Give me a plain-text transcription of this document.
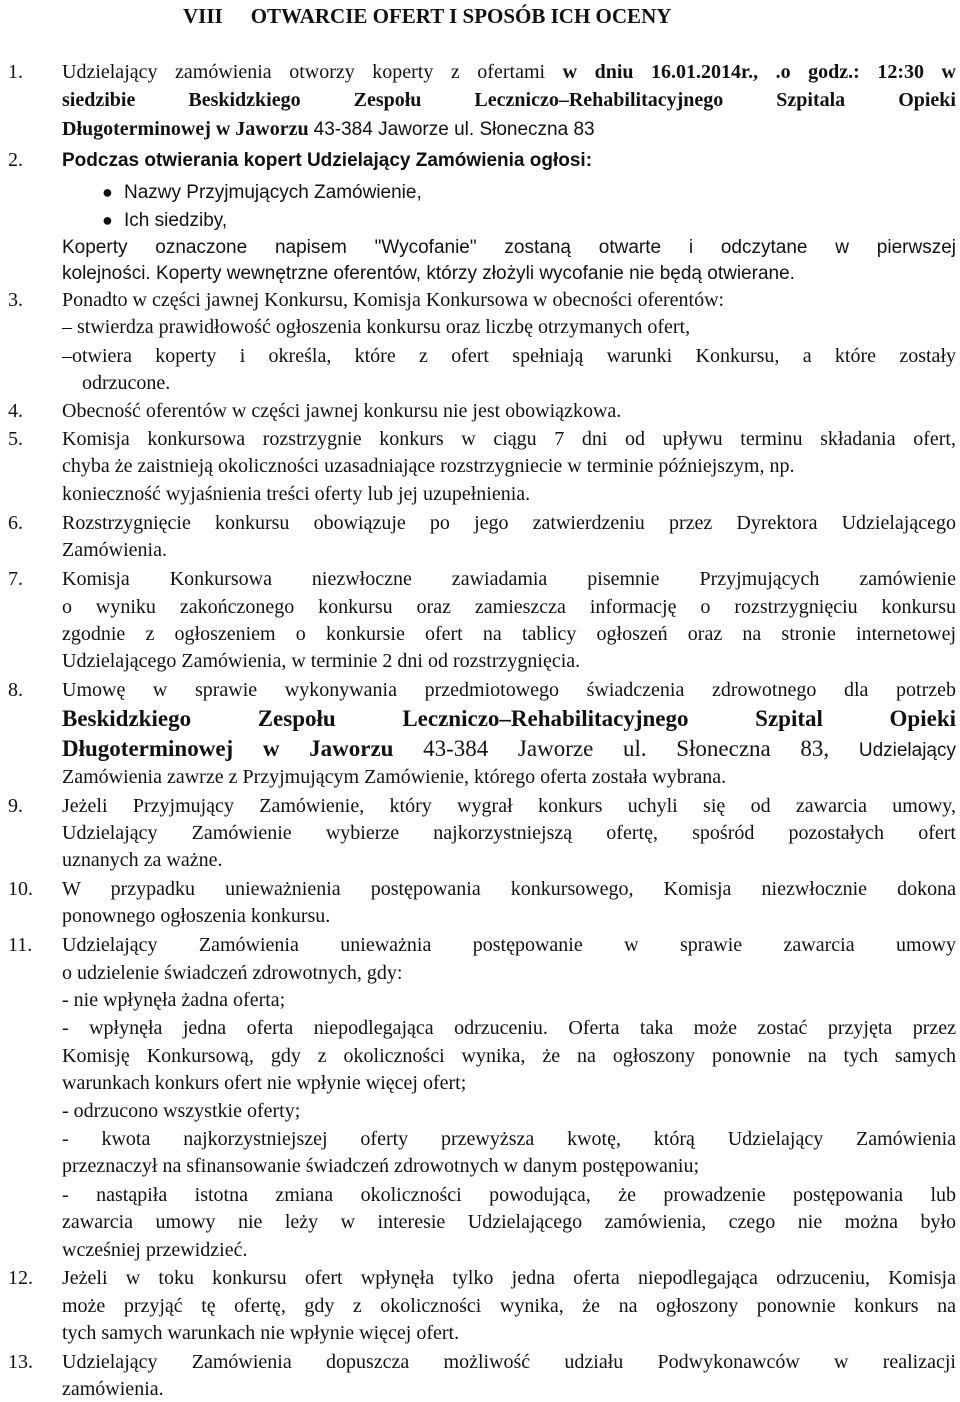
VIII OTWARCIE OFERT I SPOSÓB ICH OCENY
1. Udzielający zamówienia otworzy koperty z ofertami w dniu 16.01.2014r., .o godz.: 12:30 w
siedzibie Beskidzkiego Zespołu Leczniczo–Rehabilitacyjnego Szpitala Opieki
Długoterminowej w Jaworzu 43-384 Jaworze ul. Słoneczna 83
2. Podczas otwierania kopert Udzielający Zamówienia ogłosi:
Nazwy Przyjmujących Zamówienie,
Ich siedziby,
Koperty oznaczone napisem "Wycofanie" zostaną otwarte i odczytane w pierwszej
kolejności. Koperty wewnętrzne oferentów, którzy złożyli wycofanie nie będą otwierane.
3. Ponadto w części jawnej Konkursu, Komisja Konkursowa w obecności oferentów:
– stwierdza prawidłowość ogłoszenia konkursu oraz liczbę otrzymanych ofert,
–otwiera koperty i określa, które z ofert spełniają warunki Konkursu, a które zostały
odrzucone.
4. Obecność oferentów w części jawnej konkursu nie jest obowiązkowa.
5. Komisja konkursowa rozstrzygnie konkurs w ciągu 7 dni od upływu terminu składania ofert,
chyba że zaistnieją okoliczności uzasadniające rozstrzygniecie w terminie późniejszym, np.
konieczność wyjaśnienia treści oferty lub jej uzupełnienia.
6. Rozstrzygnięcie konkursu obowiązuje po jego zatwierdzeniu przez Dyrektora Udzielającego
Zamówienia.
7. Komisja Konkursowa niezwłoczne zawiadamia pisemnie Przyjmujących zamówienie
o wyniku zakończonego konkursu oraz zamieszcza informację o rozstrzygnięciu konkursu
zgodnie z ogłoszeniem o konkursie ofert na tablicy ogłoszeń oraz na stronie internetowej
Udzielającego Zamówienia, w terminie 2 dni od rozstrzygnięcia.
8. Umowę w sprawie wykonywania przedmiotowego świadczenia zdrowotnego dla potrzeb
Beskidzkiego Zespołu Leczniczo–Rehabilitacyjnego Szpital Opieki
Długoterminowej w Jaworzu 43-384 Jaworze ul. Słoneczna 83, Udzielający
Zamówienia zawrze z Przyjmującym Zamówienie, którego oferta została wybrana.
9. Jeżeli Przyjmujący Zamówienie, który wygrał konkurs uchyli się od zawarcia umowy,
Udzielający Zamówienie wybierze najkorzystniejszą ofertę, spośród pozostałych ofert
uznanych za ważne.
10. W przypadku unieważnienia postępowania konkursowego, Komisja niezwłocznie dokona
ponownego ogłoszenia konkursu.
11. Udzielający Zamówienia unieważnia postępowanie w sprawie zawarcia umowy
o udzielenie świadczeń zdrowotnych, gdy:
- nie wpłynęła żadna oferta;
- wpłynęła jedna oferta niepodlegająca odrzuceniu. Oferta taka może zostać przyjęta przez
Komisję Konkursową, gdy z okoliczności wynika, że na ogłoszony ponownie na tych samych
warunkach konkurs ofert nie wpłynie więcej ofert;
- odrzucono wszystkie oferty;
- kwota najkorzystniejszej oferty przewyższa kwotę, którą Udzielający Zamówienia
przeznaczył na sfinansowanie świadczeń zdrowotnych w danym postępowaniu;
- nastąpiła istotna zmiana okoliczności powodująca, że prowadzenie postępowania lub
zawarcia umowy nie leży w interesie Udzielającego zamówienia, czego nie można było
wcześniej przewidzieć.
12. Jeżeli w toku konkursu ofert wpłynęła tylko jedna oferta niepodlegająca odrzuceniu, Komisja
może przyjąć tę ofertę, gdy z okoliczności wynika, że na ogłoszony ponownie konkurs na
tych samych warunkach nie wpłynie więcej ofert.
13. Udzielający Zamówienia dopuszcza możliwość udziału Podwykonawców w realizacji
zamówienia.
●
●
